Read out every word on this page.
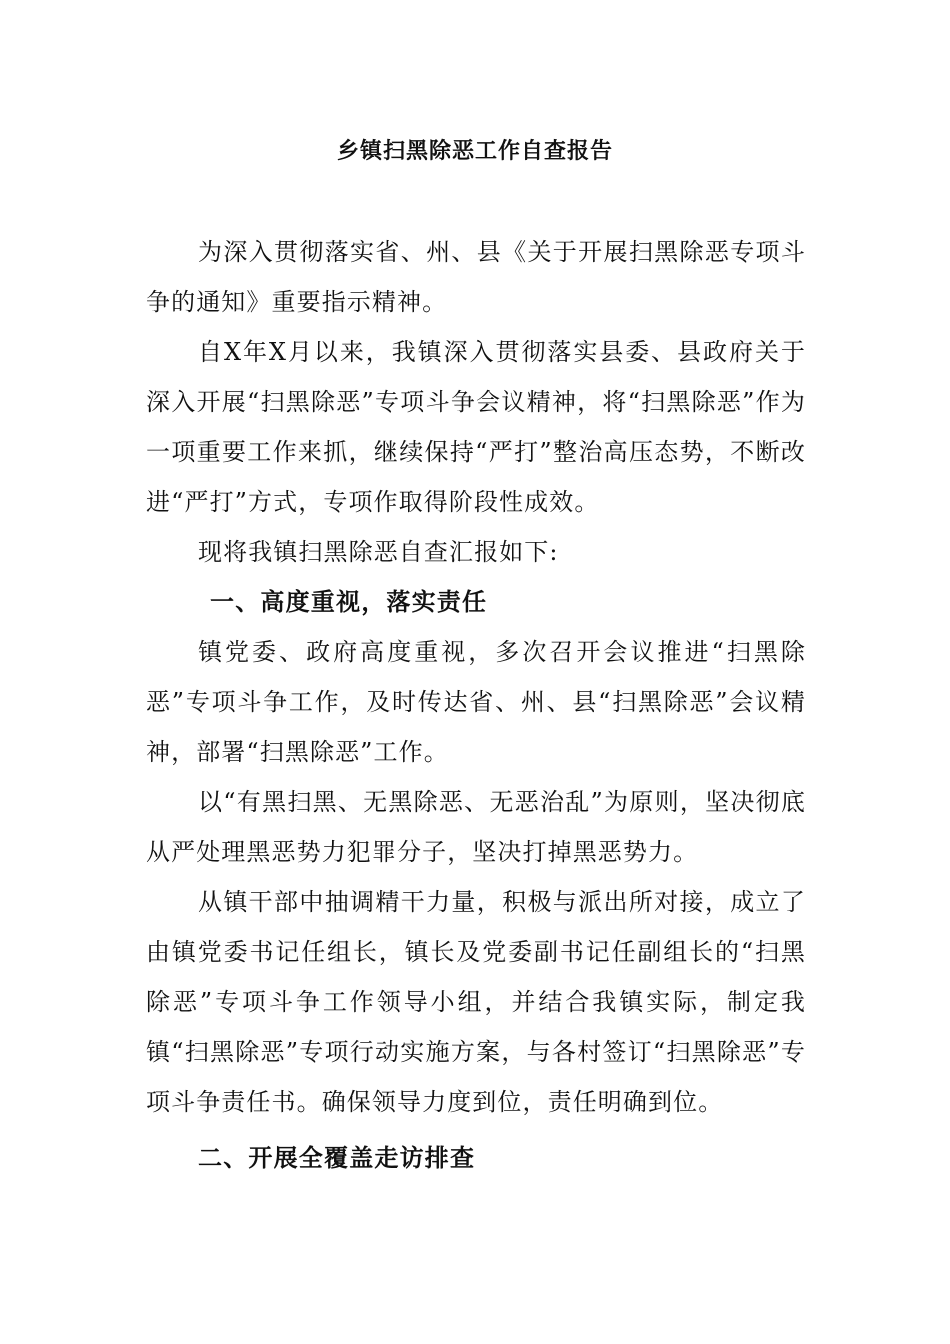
乡镇扫黑除恶工作自查报告

为深入贯彻落实省、州、县《关于开展扫黑除恶专项斗争的通知》重要指示精神。

自X年X月以来，我镇深入贯彻落实县委、县政府关于深入开展“扫黑除恶”专项斗争会议精神，将“扫黑除恶”作为一项重要工作来抓，继续保持“严打”整治高压态势，不断改进“严打”方式，专项作取得阶段性成效。

现将我镇扫黑除恶自查汇报如下:

一、高度重视，落实责任

镇党委、政府高度重视，多次召开会议推进“扫黑除恶”专项斗争工作，及时传达省、州、县“扫黑除恶”会议精神，部署“扫黑除恶”工作。

以“有黑扫黑、无黑除恶、无恶治乱”为原则，坚决彻底从严处理黑恶势力犯罪分子，坚决打掉黑恶势力。

从镇干部中抽调精干力量，积极与派出所对接，成立了由镇党委书记任组长，镇长及党委副书记任副组长的“扫黑除恶”专项斗争工作领导小组，并结合我镇实际，制定我镇“扫黑除恶”专项行动实施方案，与各村签订“扫黑除恶”专项斗争责任书。确保领导力度到位，责任明确到位。

二、开展全覆盖走访排查
